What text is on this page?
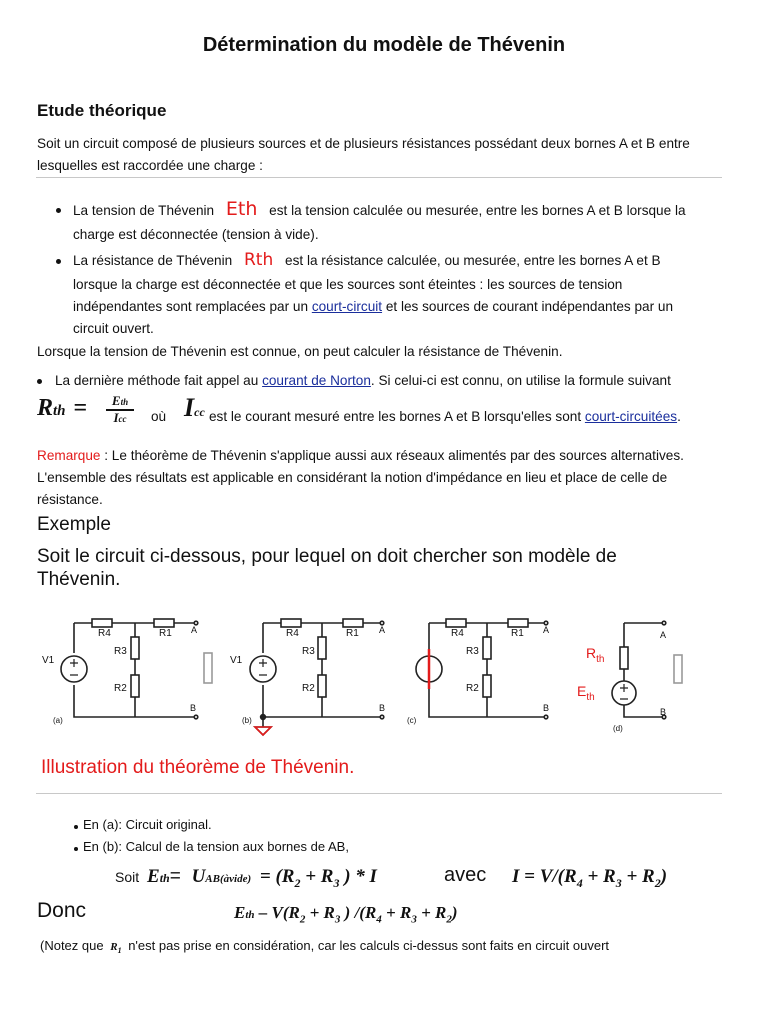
Détermination du modèle de Thévenin
Etude théorique
Soit un circuit composé de plusieurs sources et de plusieurs résistances possédant deux bornes A et B entre lesquelles est raccordée une charge :
La tension de Thévenin Eth est la tension calculée ou mesurée, entre les bornes A et B lorsque la
charge est déconnectée (tension à vide).
La résistance de Thévenin Rth est la résistance calculée, ou mesurée, entre les bornes A et B
lorsque la charge est déconnectée et que les sources sont éteintes : les sources de tension
indépendantes sont remplacées par un court-circuit et les sources de courant indépendantes par un
circuit ouvert.
Lorsque la tension de Thévenin est connue, on peut calculer la résistance de Thévenin.
La dernière méthode fait appel au courant de Norton. Si celui-ci est connu, on utilise la formule suivant
Rth =	Eth
Icc	où Icc est le courant mesuré entre les bornes A et B lorsqu'elles sont court-circuitées.
Remarque : Le théorème de Thévenin s'applique aussi aux réseaux alimentés par des sources alternatives.
L'ensemble des résultats est applicable en considérant la notion d'impédance en lieu et place de celle de
résistance.
Exemple
Soit le circuit ci-dessous, pour lequel on doit chercher son modèle de
Thévenin.
R4	R1
R3
R2
V1
A
B
(a)
R4	R1
R3
R2
V1
A
B
(b)
R4	R1
R3
R2
A
B
(c)
$R_{th}$
$E_{th}$
A
B
(d)
Illustration du théorème de Thévenin.
En (a): Circuit original.
En (b): Calcul de la tension aux bornes de AB,
Soit Eth= UAB(àvide) = ($R_2 + R_3$ ) * I	avec $I = V/(R_4 + R_3 + R_2)$
Donc	Eth – $V(R_2 + R_3$ ) $/(R_4 + R_3 + R_2)$
(Notez que $R_1$ n'est pas prise en considération, car les calculs ci-dessus sont faits en circuit ouvert
